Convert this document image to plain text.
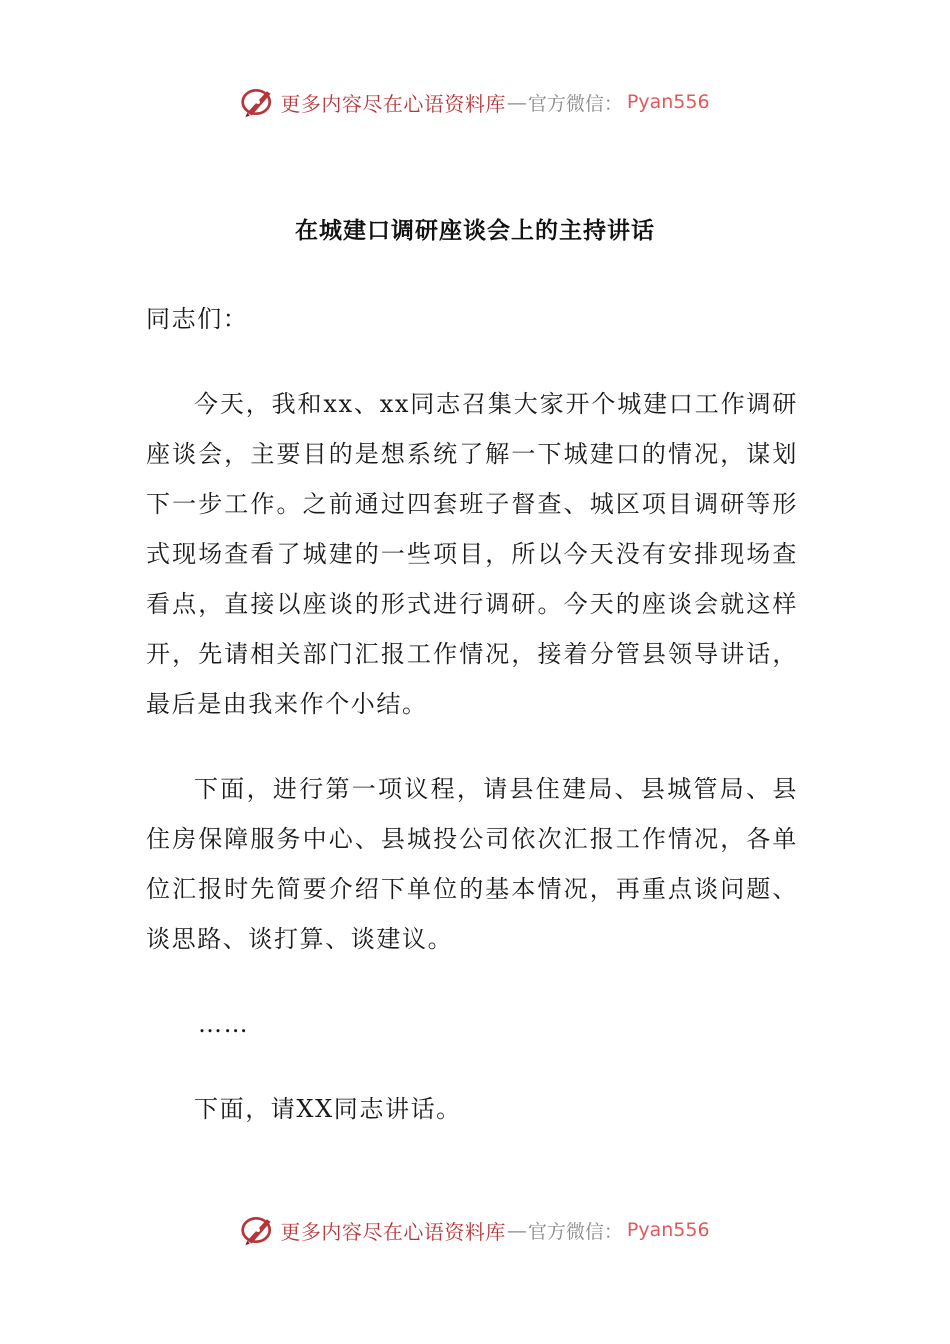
更多内容尽在心语资料库 — 官方微信： Pyan556
在城建口调研座谈会上的主持讲话

同志们：

今天，我和xx、xx同志召集大家开个城建口工作调研座谈会，主要目的是想系统了解一下城建口的情况，谋划下一步工作。之前通过四套班子督查、城区项目调研等形式现场查看了城建的一些项目，所以今天没有安排现场查看点，直接以座谈的形式进行调研。今天的座谈会就这样开，先请相关部门汇报工作情况，接着分管县领导讲话，最后是由我来作个小结。

下面，进行第一项议程，请县住建局、县城管局、县住房保障服务中心、县城投公司依次汇报工作情况，各单位汇报时先简要介绍下单位的基本情况，再重点谈问题、谈思路、谈打算、谈建议。

……

下面，请XX同志讲话。

更多内容尽在心语资料库 — 官方微信： Pyan556
